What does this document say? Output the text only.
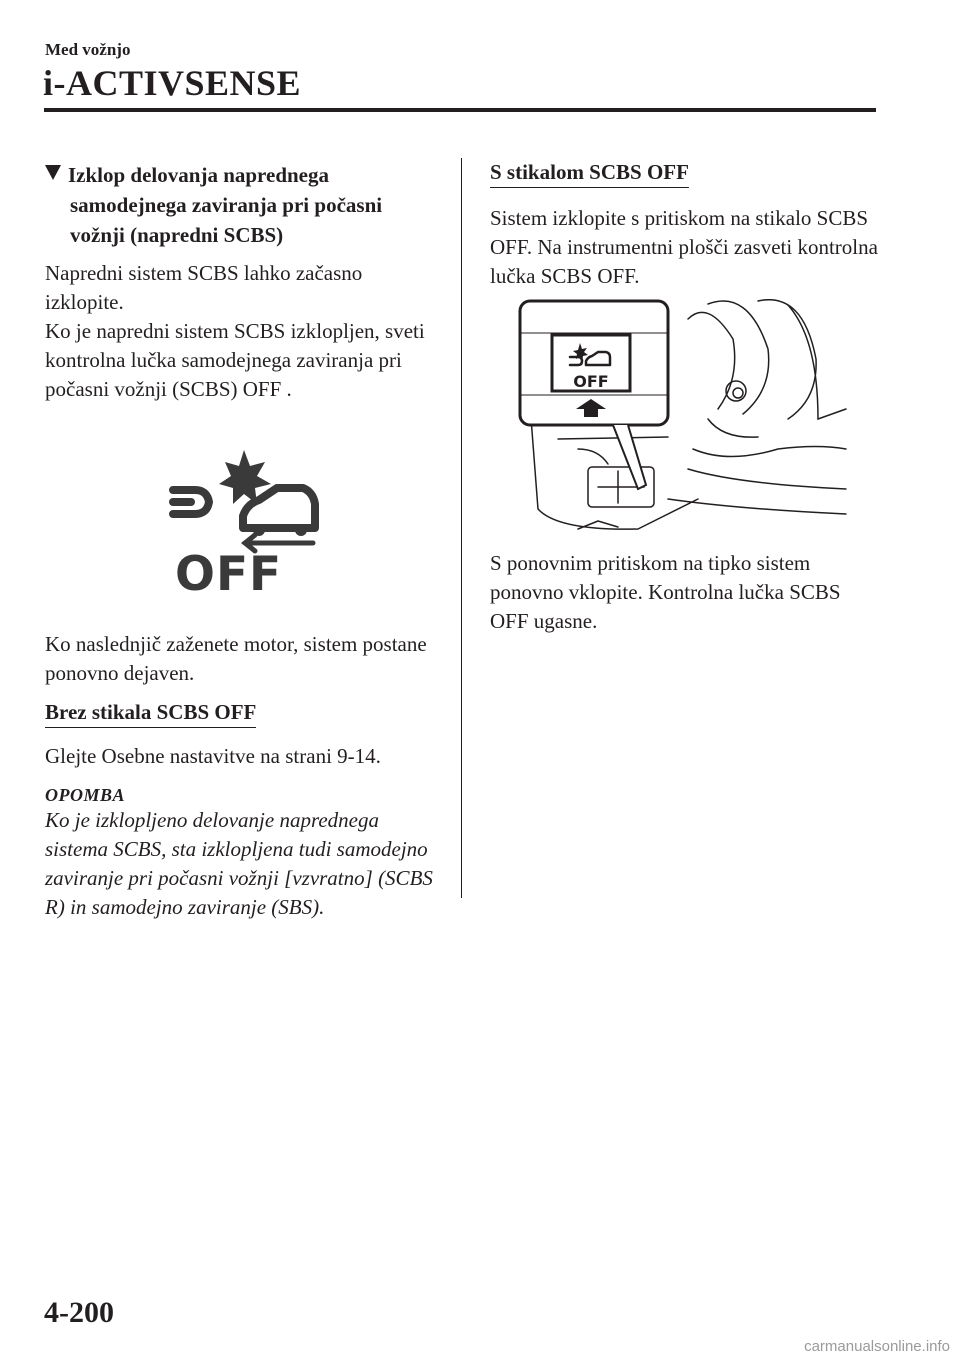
Med vožnjo
i-ACTIVSENSE
Izklop delovanja naprednega samodejnega zaviranja pri počasni vožnji (napredni SCBS)
Napredni sistem SCBS lahko začasno izklopite.
Ko je napredni sistem SCBS izklopljen, sveti kontrolna lučka samodejnega zaviranja pri počasni vožnji (SCBS) OFF .
OFF
Ko naslednjič zaženete motor, sistem postane ponovno dejaven.
Brez stikala SCBS OFF
Glejte Osebne nastavitve na strani 9-14.
OPOMBA
Ko je izklopljeno delovanje naprednega sistema SCBS, sta izklopljena tudi samodejno zaviranje pri počasni vožnji [vzvratno] (SCBS R) in samodejno zaviranje (SBS).
S stikalom SCBS OFF
Sistem izklopite s pritiskom na stikalo SCBS OFF. Na instrumentni plošči zasveti kontrolna lučka SCBS OFF.
OFF
S ponovnim pritiskom na tipko sistem ponovno vklopite. Kontrolna lučka SCBS OFF ugasne.
4-200
carmanualsonline.info
